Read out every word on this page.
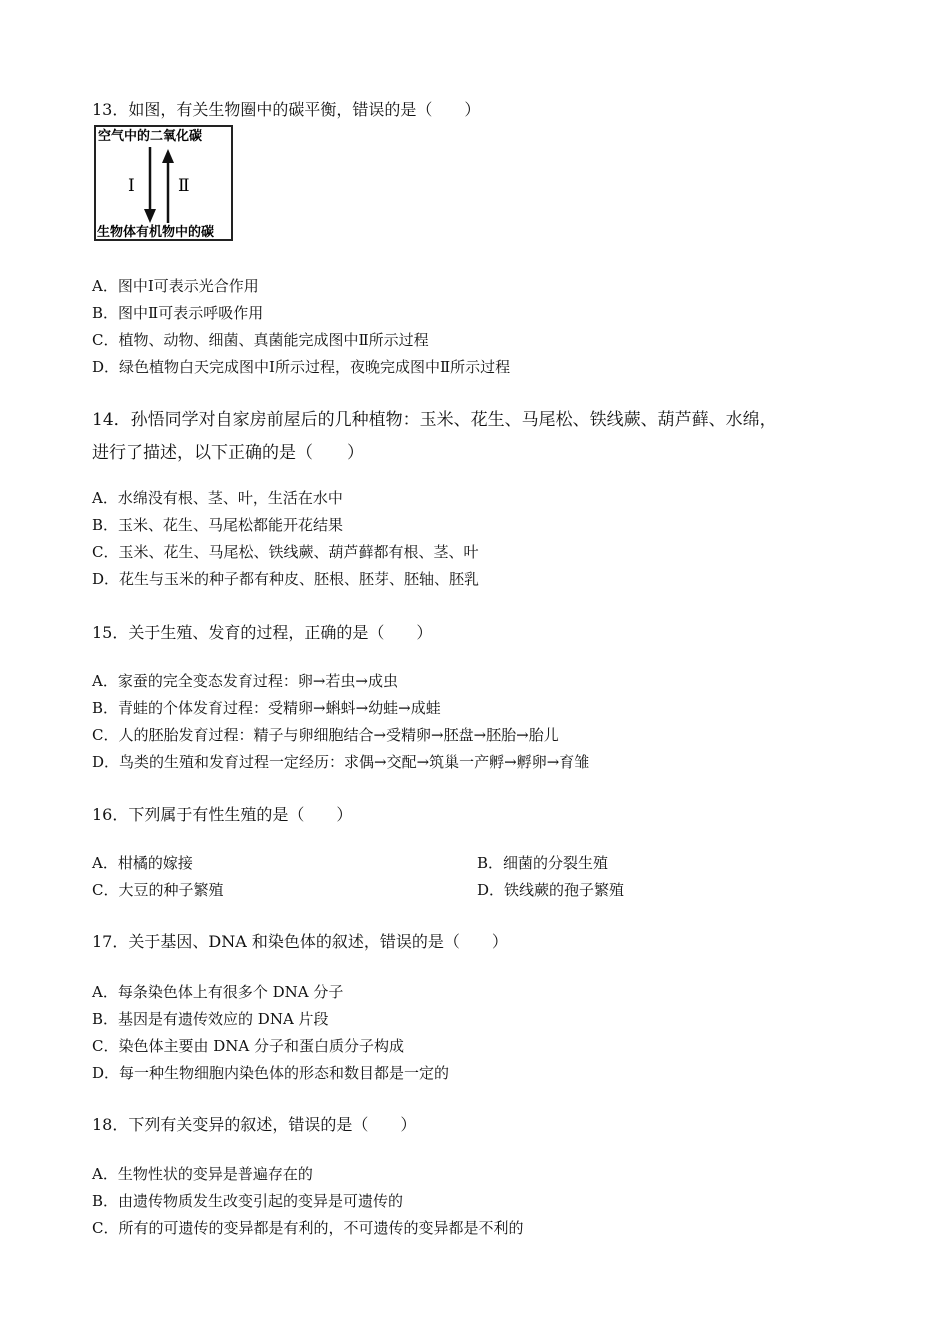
13．如图，有关生物圈中的碳平衡，错误的是（　　）
空气中的二氧化碳
生物体有机物中的碳
Ⅰ	Ⅱ
A．图中Ⅰ可表示光合作用
B．图中Ⅱ可表示呼吸作用
C．植物、动物、细菌、真菌能完成图中Ⅱ所示过程
D．绿色植物白天完成图中Ⅰ所示过程，夜晚完成图中Ⅱ所示过程
14．孙悟同学对自家房前屋后的几种植物：玉米、花生、马尾松、铁线蕨、葫芦藓、水绵，
进行了描述，以下正确的是（　　）
A．水绵没有根、茎、叶，生活在水中
B．玉米、花生、马尾松都能开花结果
C．玉米、花生、马尾松、铁线蕨、葫芦藓都有根、茎、叶
D．花生与玉米的种子都有种皮、胚根、胚芽、胚轴、胚乳
15．关于生殖、发育的过程，正确的是（　　）
A．家蚕的完全变态发育过程：卵→若虫→成虫
B．青蛙的个体发育过程：受精卵→蝌蚪→幼蛙→成蛙
C．人的胚胎发育过程：精子与卵细胞结合→受精卵→胚盘→胚胎→胎儿
D．鸟类的生殖和发育过程一定经历：求偶→交配→筑巢一产孵→孵卵→育雏
16．下列属于有性生殖的是（　　）
A．柑橘的嫁接	B．细菌的分裂生殖
C．大豆的种子繁殖	D．铁线蕨的孢子繁殖
17．关于基因、DNA 和染色体的叙述，错误的是（　　）
A．每条染色体上有很多个 DNA 分子
B．基因是有遗传效应的 DNA 片段
C．染色体主要由 DNA 分子和蛋白质分子构成
D．每一种生物细胞内染色体的形态和数目都是一定的
18．下列有关变异的叙述，错误的是（　　）
A．生物性状的变异是普遍存在的
B．由遗传物质发生改变引起的变异是可遗传的
C．所有的可遗传的变异都是有利的，不可遗传的变异都是不利的
